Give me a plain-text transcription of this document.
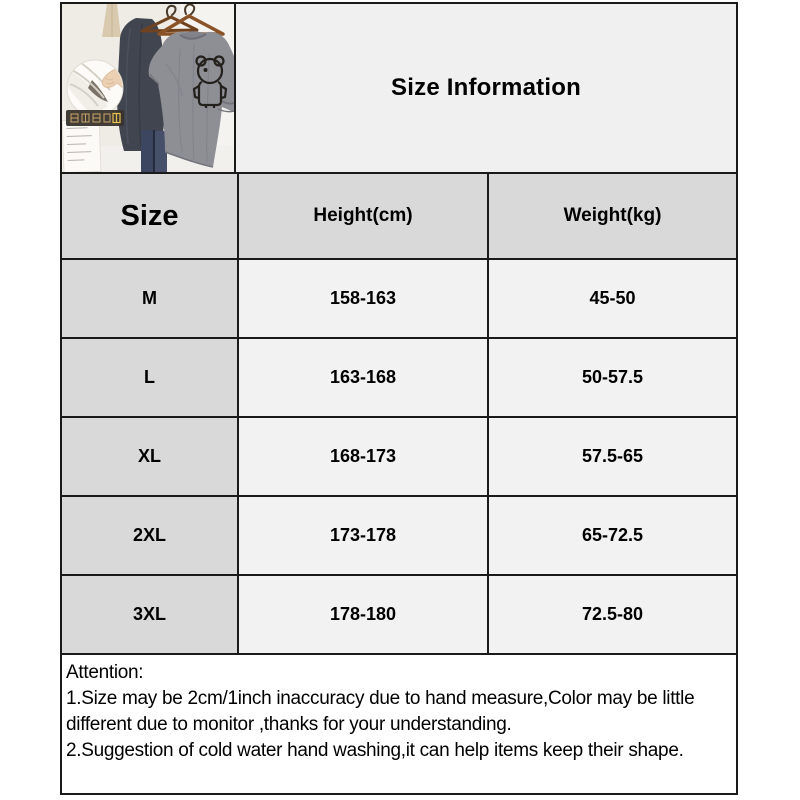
Size Information
Size	Height(cm)	Weight(kg)
M	158-163	45-50
L	163-168	50-57.5
XL	168-173	57.5-65
2XL	173-178	65-72.5
3XL	178-180	72.5-80
Attention:
1.Size may be 2cm/1inch inaccuracy due to hand measure,Color may be little
different due to monitor ,thanks for your understanding.
2.Suggestion of cold water hand washing,it can help items keep their shape.
